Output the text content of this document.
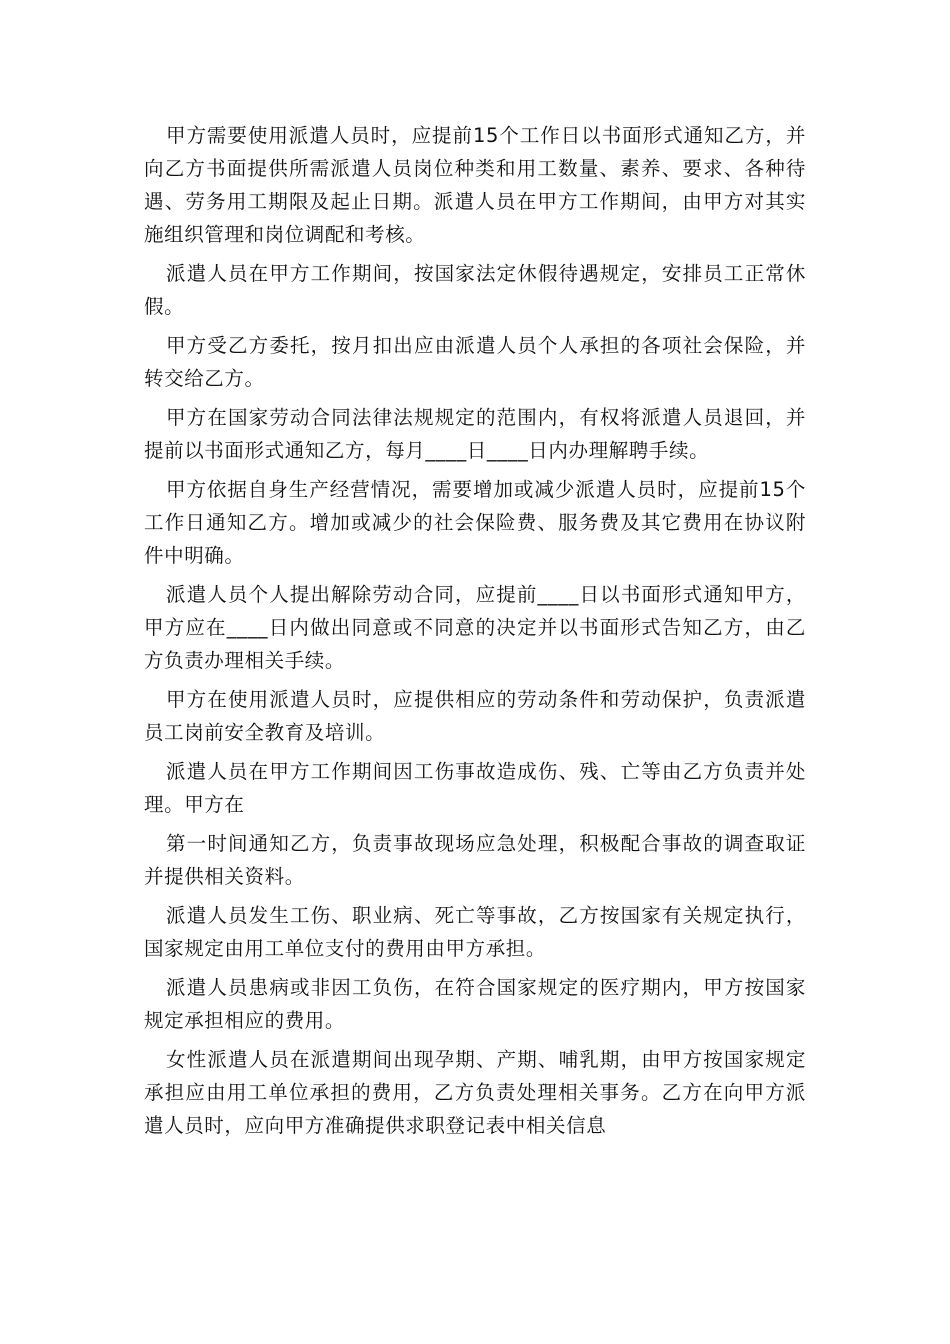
甲方需要使用派遣人员时，应提前15个工作日以书面形式通知乙方，并向乙方书面提供所需派遣人员岗位种类和用工数量、素养、要求、各种待遇、劳务用工期限及起止日期。派遣人员在甲方工作期间，由甲方对其实施组织管理和岗位调配和考核。

派遣人员在甲方工作期间，按国家法定休假待遇规定，安排员工正常休假。

甲方受乙方委托，按月扣出应由派遣人员个人承担的各项社会保险，并转交给乙方。

甲方在国家劳动合同法律法规规定的范围内，有权将派遣人员退回，并提前以书面形式通知乙方，每月____日____日内办理解聘手续。

甲方依据自身生产经营情况，需要增加或减少派遣人员时，应提前15个工作日通知乙方。增加或减少的社会保险费、服务费及其它费用在协议附件中明确。

派遣人员个人提出解除劳动合同，应提前____日以书面形式通知甲方，甲方应在____日内做出同意或不同意的决定并以书面形式告知乙方，由乙方负责办理相关手续。

甲方在使用派遣人员时，应提供相应的劳动条件和劳动保护，负责派遣员工岗前安全教育及培训。

派遣人员在甲方工作期间因工伤事故造成伤、残、亡等由乙方负责并处理。甲方在

第一时间通知乙方，负责事故现场应急处理，积极配合事故的调查取证并提供相关资料。

派遣人员发生工伤、职业病、死亡等事故，乙方按国家有关规定执行，国家规定由用工单位支付的费用由甲方承担。

派遣人员患病或非因工负伤，在符合国家规定的医疗期内，甲方按国家规定承担相应的费用。

女性派遣人员在派遣期间出现孕期、产期、哺乳期，由甲方按国家规定承担应由用工单位承担的费用，乙方负责处理相关事务。乙方在向甲方派遣人员时，应向甲方准确提供求职登记表中相关信息
